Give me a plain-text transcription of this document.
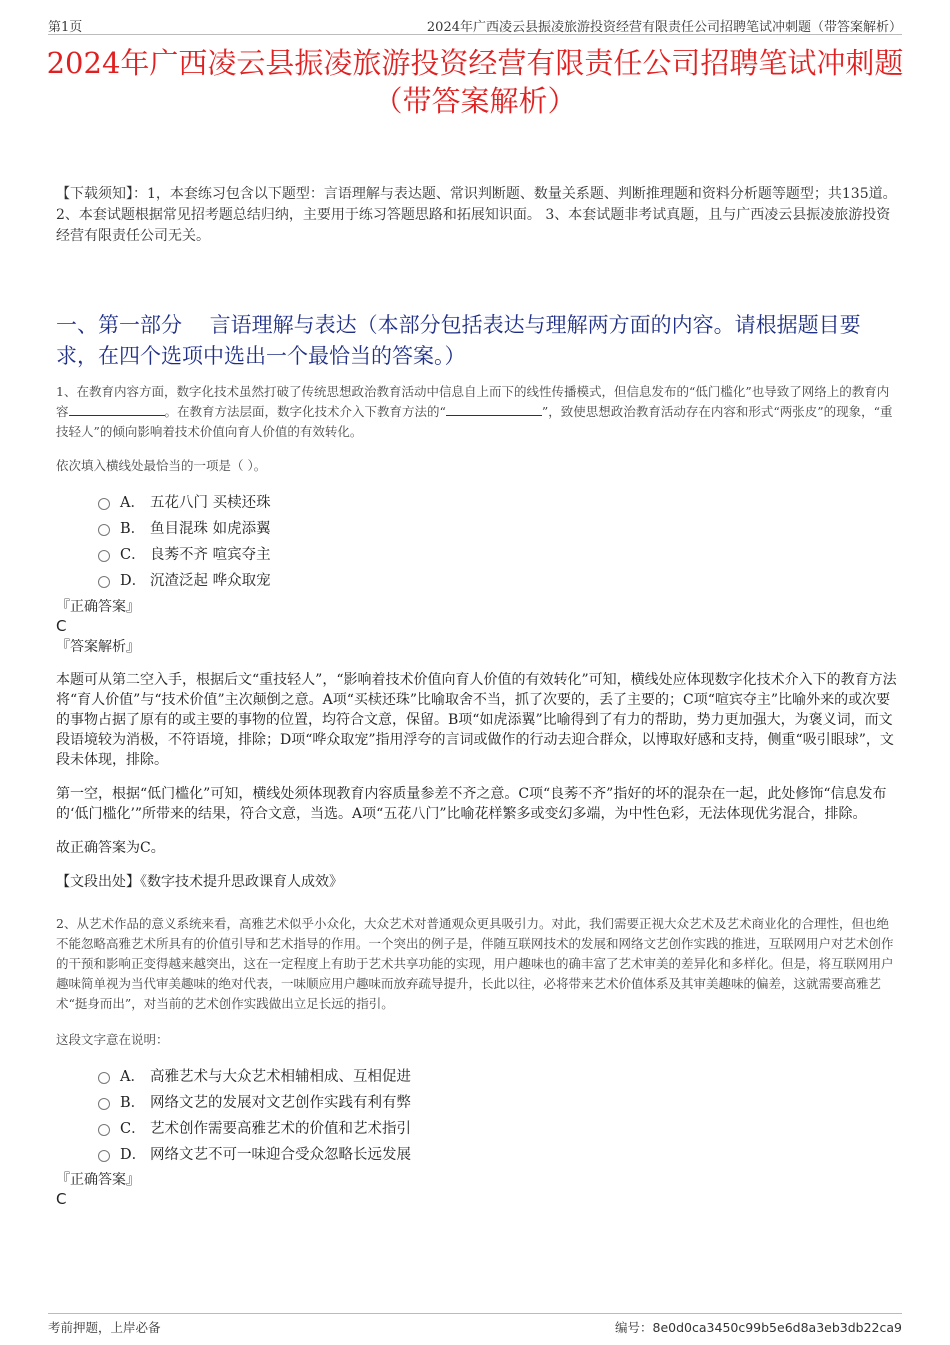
第1页	2024年广西凌云县振凌旅游投资经营有限责任公司招聘笔试冲刺题（带答案解析）
2024年广西凌云县振凌旅游投资经营有限责任公司招聘笔试冲刺题（带答案解析）
【下载须知】：1，本套练习包含以下题型：言语理解与表达题、常识判断题、数量关系题、判断推理题和资料分析题等题型；共135道。 2、本套试题根据常见招考题总结归纳，主要用于练习答题思路和拓展知识面。 3、本套试题非考试真题，且与广西凌云县振凌旅游投资经营有限责任公司无关。
一、第一部分　 言语理解与表达（本部分包括表达与理解两方面的内容。请根据题目要求，在四个选项中选出一个最恰当的答案。）

1、在教育内容方面，数字化技术虽然打破了传统思想政治教育活动中信息自上而下的线性传播模式，但信息发布的“低门槛化”也导致了网络上的教育内容	。在教育方法层面，数字化技术介入下教育方法的“	”，致使思想政治教育活动存在内容和形式“两张皮”的现象，“重技轻人”的倾向影响着技术价值向育人价值的有效转化。

依次填入横线处最恰当的一项是（ ）。

A． 五花八门 买椟还珠
B． 鱼目混珠 如虎添翼
C． 良莠不齐 喧宾夺主
D． 沉渣泛起 哗众取宠
『正确答案』
C
『答案解析』

本题可从第二空入手，根据后文“重技轻人”，“影响着技术价值向育人价值的有效转化”可知，横线处应体现数字化技术介入下的教育方法将“育人价值”与“技术价值”主次颠倒之意。A项“买椟还珠”比喻取舍不当，抓了次要的，丢了主要的；C项“喧宾夺主”比喻外来的或次要的事物占据了原有的或主要的事物的位置，均符合文意，保留。B项“如虎添翼”比喻得到了有力的帮助，势力更加强大，为褒义词，而文段语境较为消极，不符语境，排除；D项“哗众取宠”指用浮夸的言词或做作的行动去迎合群众，以博取好感和支持，侧重“吸引眼球”，文段未体现，排除。

第一空，根据“低门槛化”可知，横线处须体现教育内容质量参差不齐之意。C项“良莠不齐”指好的坏的混杂在一起，此处修饰“信息发布的‘低门槛化’”所带来的结果，符合文意，当选。A项“五花八门”比喻花样繁多或变幻多端，为中性色彩，无法体现优劣混合，排除。

故正确答案为C。

【文段出处】《数字技术提升思政课育人成效》

2、从艺术作品的意义系统来看，高雅艺术似乎小众化，大众艺术对普通观众更具吸引力。对此，我们需要正视大众艺术及艺术商业化的合理性，但也绝不能忽略高雅艺术所具有的价值引导和艺术指导的作用。一个突出的例子是，伴随互联网技术的发展和网络文艺创作实践的推进，互联网用户对艺术创作的干预和影响正变得越来越突出，这在一定程度上有助于艺术共享功能的实现，用户趣味也的确丰富了艺术审美的差异化和多样化。但是，将互联网用户趣味简单视为当代审美趣味的绝对代表，一味顺应用户趣味而放弃疏导提升，长此以往，必将带来艺术价值体系及其审美趣味的偏差，这就需要高雅艺术“挺身而出”，对当前的艺术创作实践做出立足长远的指引。

这段文字意在说明：

A． 高雅艺术与大众艺术相辅相成、互相促进
B． 网络文艺的发展对文艺创作实践有利有弊
C． 艺术创作需要高雅艺术的价值和艺术指引
D． 网络文艺不可一味迎合受众忽略长远发展
『正确答案』
C
考前押题，上岸必备	编号：8e0d0ca3450c99b5e6d8a3eb3db22ca9
